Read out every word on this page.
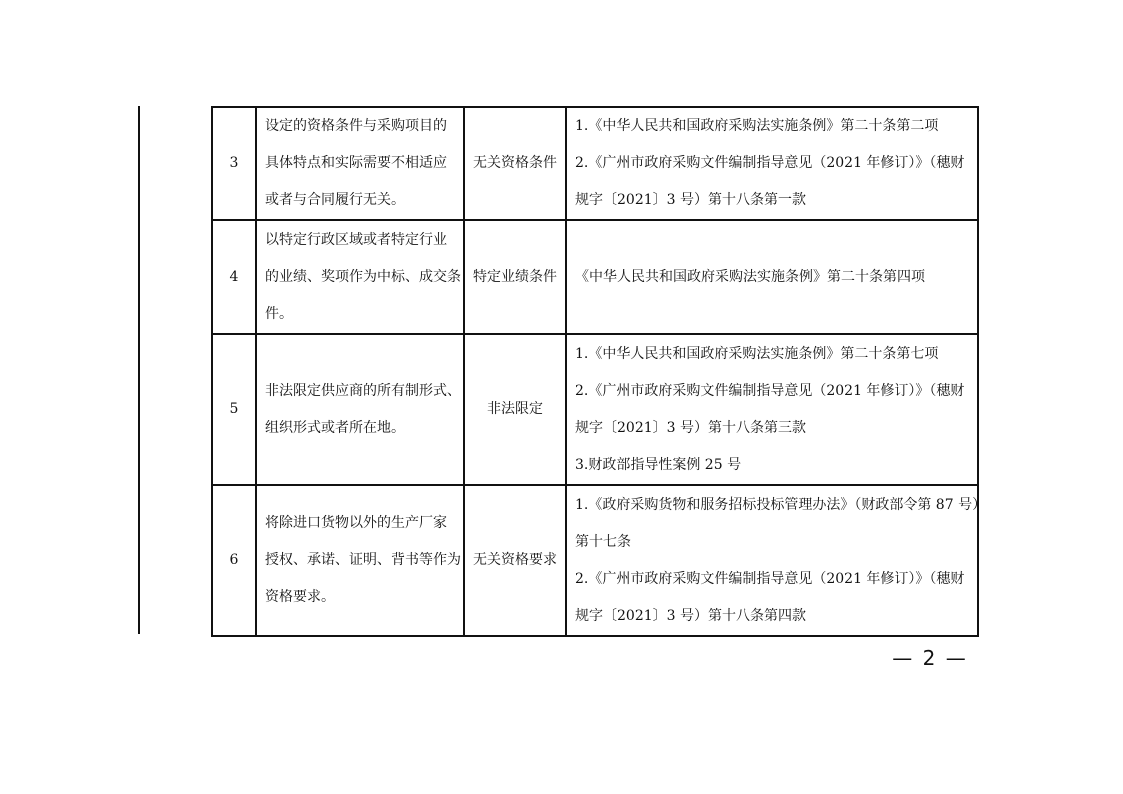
3	设定的资格条件与采购项目的
具体特点和实际需要不相适应
或者与合同履行无关。	无关资格条件	1.《中华人民共和国政府采购法实施条例》第二十条第二项
2.《广州市政府采购文件编制指导意见（2021 年修订）》（穗财
规字〔2021〕3 号）第十八条第一款

4	以特定行政区域或者特定行业
的业绩、奖项作为中标、成交条
件。	特定业绩条件	《中华人民共和国政府采购法实施条例》第二十条第四项

5	非法限定供应商的所有制形式、
组织形式或者所在地。	非法限定	1.《中华人民共和国政府采购法实施条例》第二十条第七项
2.《广州市政府采购文件编制指导意见（2021 年修订）》（穗财
规字〔2021〕3 号）第十八条第三款
3.财政部指导性案例 25 号

6	将除进口货物以外的生产厂家
授权、承诺、证明、背书等作为
资格要求。	无关资格要求	1.《政府采购货物和服务招标投标管理办法》（财政部令第 87 号）
第十七条
2.《广州市政府采购文件编制指导意见（2021 年修订）》（穗财
规字〔2021〕3 号）第十八条第四款
— 2 —
